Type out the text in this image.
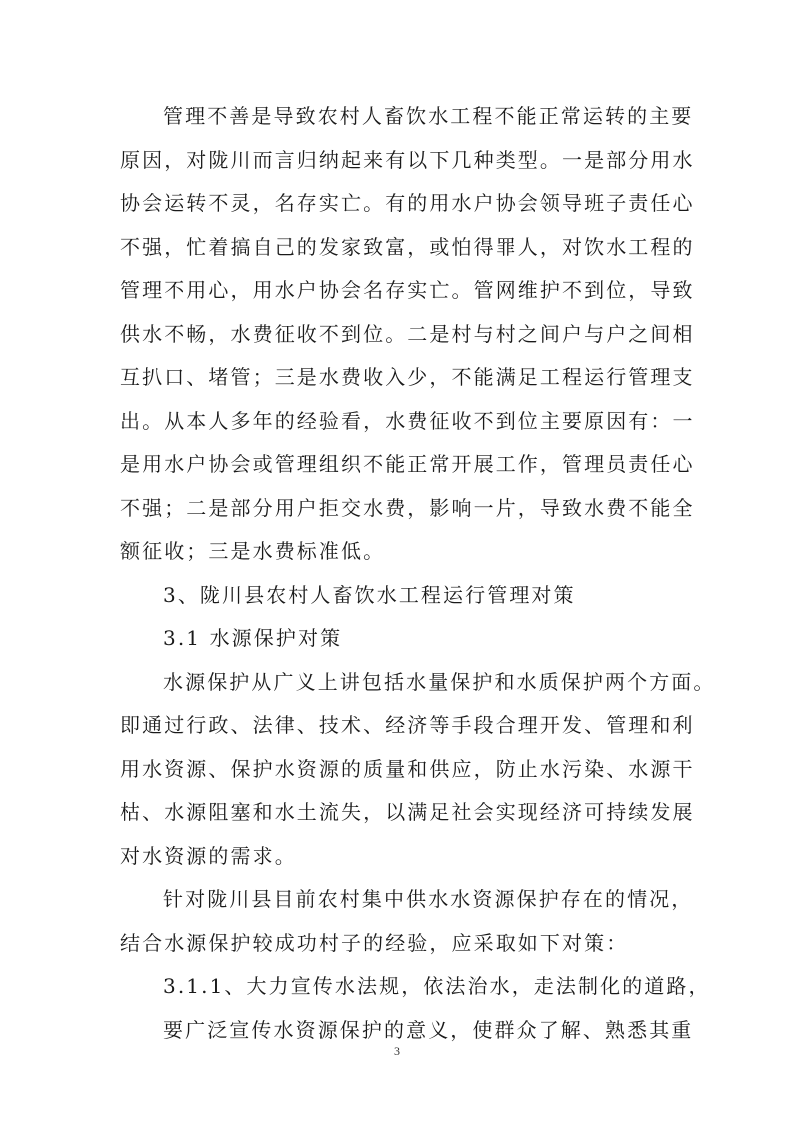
管理不善是导致农村人畜饮水工程不能正常运转的主要
原因，对陇川而言归纳起来有以下几种类型。一是部分用水
协会运转不灵，名存实亡。有的用水户协会领导班子责任心
不强，忙着搞自己的发家致富，或怕得罪人，对饮水工程的
管理不用心，用水户协会名存实亡。管网维护不到位，导致
供水不畅，水费征收不到位。二是村与村之间户与户之间相
互扒口、堵管；三是水费收入少，不能满足工程运行管理支
出。从本人多年的经验看，水费征收不到位主要原因有：一
是用水户协会或管理组织不能正常开展工作，管理员责任心
不强；二是部分用户拒交水费，影响一片，导致水费不能全
额征收；三是水费标准低。
3、陇川县农村人畜饮水工程运行管理对策
3.1 水源保护对策
水源保护从广义上讲包括水量保护和水质保护两个方面。
即通过行政、法律、技术、经济等手段合理开发、管理和利
用水资源、保护水资源的质量和供应，防止水污染、水源干
枯、水源阻塞和水土流失，以满足社会实现经济可持续发展
对水资源的需求。
针对陇川县目前农村集中供水水资源保护存在的情况，
结合水源保护较成功村子的经验，应采取如下对策：
3.1.1、大力宣传水法规，依法治水，走法制化的道路，
要广泛宣传水资源保护的意义，使群众了解、熟悉其重
3
